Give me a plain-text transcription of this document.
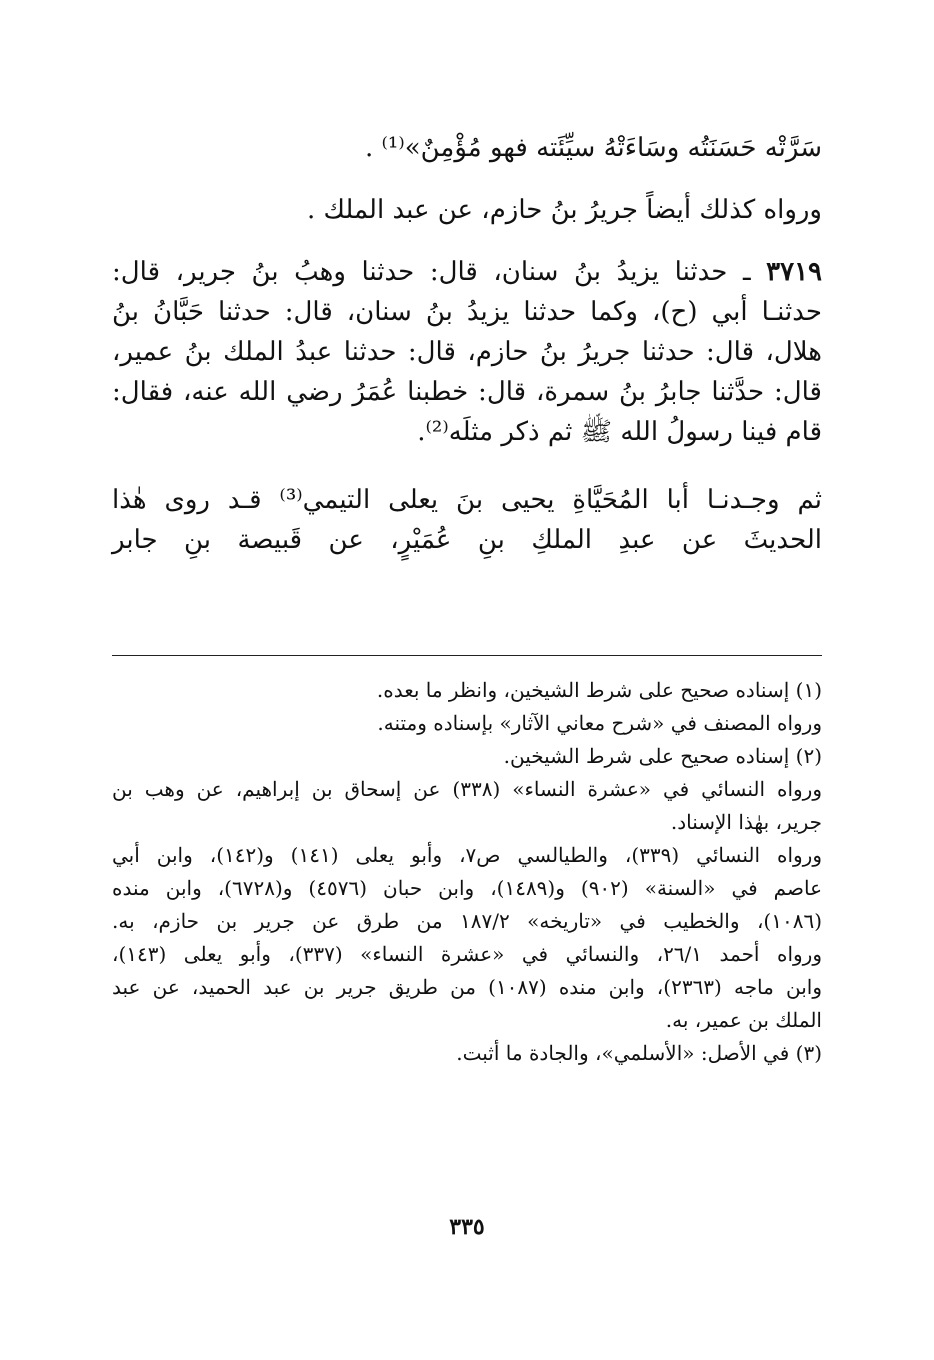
سَرَّتْه حَسَنَتُه وسَاءَتْهُ سيِّئَته فهو مُؤْمِنٌ»⁽¹⁾ .
ورواه كذلك أيضاً جريرُ بنُ حازم، عن عبد الملك .
٣٧١٩ ـ حدثنا يزيدُ بنُ سنان، قال: حدثنا وهبُ بنُ جرير، قال:
حدثنـا أبي (ح)، وكما حدثنا يزيدُ بنُ سنان، قال: حدثنا حَبَّانُ بنُ
هلال، قال: حدثنا جريرُ بنُ حازم، قال: حدثنا عبدُ الملك بنُ عمير،
قال: حدَّثنا جابرُ بنُ سمرة، قال: خطبنا عُمَرُ رضي الله عنه، فقال:
قام فينا رسولُ الله ﷺ ثم ذكر مثلَه⁽²⁾.
ثم وجـدنـا أبا المُحَيَّاةِ يحيى بنَ يعلى التيمي⁽³⁾ قـد روى هٰذا
الحديثَ عن عبدِ الملكِ بنِ عُمَيْرٍ، عن قَبيصة بنِ جابر
(١) إسناده صحيح على شرط الشيخين، وانظر ما بعده.
ورواه المصنف في «شرح معاني الآثار» بإسناده ومتنه.
(٢) إسناده صحيح على شرط الشيخين.
ورواه النسائي في «عشرة النساء» (٣٣٨) عن إسحاق بن إبراهيم، عن وهب بن
جرير، بهٰذا الإسناد.
ورواه النسائي (٣٣٩)، والطيالسي ص٧، وأبو يعلى (١٤١) و(١٤٢)، وابن أبي
عاصم في «السنة» (٩٠٢) و(١٤٨٩)، وابن حبان (٤٥٧٦) و(٦٧٢٨)، وابن منده
(١٠٨٦)، والخطيب في «تاريخه» ١٨٧/٢ من طرق عن جرير بن حازم، به.
ورواه أحمد ٢٦/١، والنسائي في «عشرة النساء» (٣٣٧)، وأبو يعلى (١٤٣)،
وابن ماجه (٢٣٦٣)، وابن منده (١٠٨٧) من طريق جرير بن عبد الحميد، عن عبد
الملك بن عمير، به.
(٣) في الأصل: «الأسلمي»، والجادة ما أثبت.
٣٣٥
